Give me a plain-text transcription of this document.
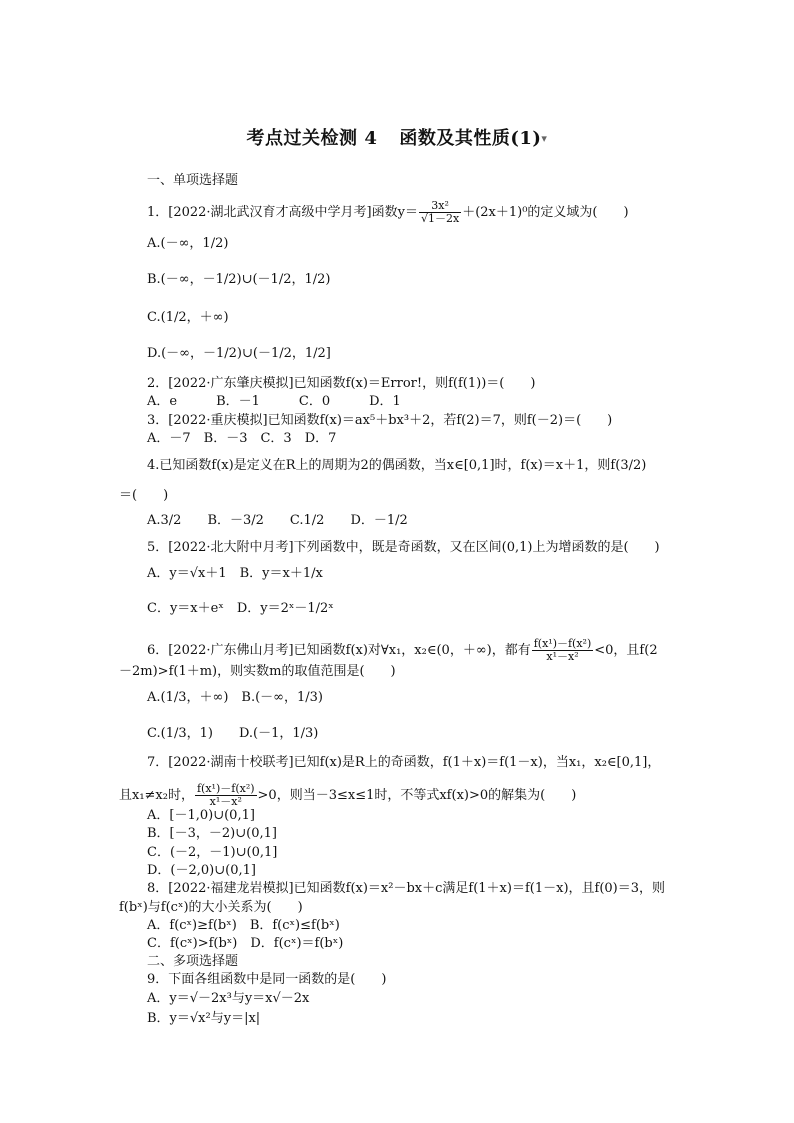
考点过关检测 4 函数及其性质(1)▾
一、单项选择题
1．[2022·湖北武汉育才高级中学月考]函数$y= \frac{\text{3x²}}{√1-2x} +(2x+1)^0$的定义域为(　　)
A.(－∞，1/2)
B.(－∞，－1/2)∪(－1/2，1/2)
C.(1/2，＋∞)
D.(－∞，－1/2)∪(－1/2，1/2]
2．[2022·广东肇庆模拟]已知函数f(x)＝Error!，则f(f(1))＝(　　)
A．e　　　B．－1　　　C．0　　　D．1
3．[2022·重庆模拟]已知函数f(x)＝ax⁵＋bx³＋2，若f(2)＝7，则f(－2)＝(　　)
A．－7　B．－3　C．3　D．7
4.已知函数f(x)是定义在R上的周期为2的偶函数，当x∈[0,1]时，f(x)＝x＋1，则f(3/2)
＝(　　)
A.3/2　　B．－3/2　　C.1/2　　D．－1/2
5．[2022·北大附中月考]下列函数中，既是奇函数，又在区间(0,1)上为增函数的是(　　)
A．y＝√x＋1　B．y＝x＋1/x
C．y＝x＋eˣ　D．y＝2ˣ－1/2ˣ
6．[2022·广东佛山月考]已知函数f(x)对∀x₁，x₂∈(0，＋∞)，都有 $\frac{\text{f(x¹)－f(x²)}}{\text{x¹－x²}} <0$，且f(2
－2m)>f(1＋m)，则实数m的取值范围是(　　)
A.(1/3，＋∞)　B.(－∞，1/3)
C.(1/3，1)　　D.(－1，1/3)
7．[2022·湖南十校联考]已知f(x)是R上的奇函数，f(1＋x)＝f(1－x)，当x₁，x₂∈[0,1]，
且x₁≠x₂时， $\frac{\text{f(x¹)－f(x²)}}{\text{x¹－x²}} >0$，则当－3≤x≤1时，不等式xf(x)>0的解集为(　　)
A．[－1,0)∪(0,1]
B．[－3，－2)∪(0,1]
C．(－2，－1)∪(0,1]
D．(－2,0)∪(0,1]
8．[2022·福建龙岩模拟]已知函数f(x)＝x²－bx＋c满足f(1＋x)＝f(1－x)，且f(0)＝3，则
f(bˣ)与f(cˣ)的大小关系为(　　)
A．f(cˣ)≥f(bˣ)　B．f(cˣ)≤f(bˣ)
C．f(cˣ)>f(bˣ)　D．f(cˣ)＝f(bˣ)
二、多项选择题
9．下面各组函数中是同一函数的是(　　)
A．y＝√－2x³与y＝x√－2x
B．y＝√x²与y＝|x|
